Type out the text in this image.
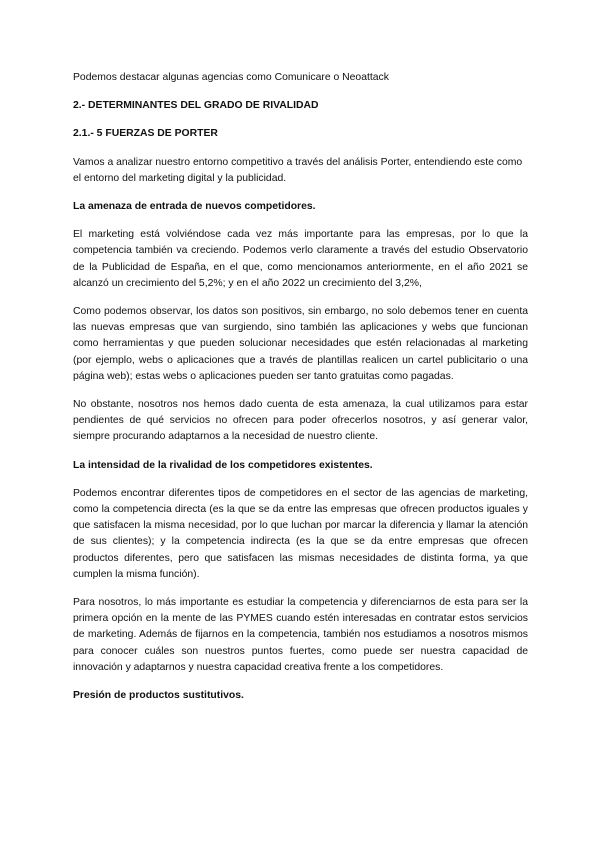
Podemos destacar algunas agencias como Comunicare o Neoattack

2.- DETERMINANTES DEL GRADO DE RIVALIDAD

2.1.- 5 FUERZAS DE PORTER

Vamos a analizar nuestro entorno competitivo a través del análisis Porter, entendiendo este como el entorno del marketing digital y la publicidad.

La amenaza de entrada de nuevos competidores.

El marketing está volviéndose cada vez más importante para las empresas, por lo que la competencia también va creciendo. Podemos verlo claramente a través del estudio Observatorio de la Publicidad de España, en el que, como mencionamos anteriormente, en el año 2021 se alcanzó un crecimiento del 5,2%; y en el año 2022 un crecimiento del 3,2%,

Como podemos observar, los datos son positivos, sin embargo, no solo debemos tener en cuenta las nuevas empresas que van surgiendo, sino también las aplicaciones y webs que funcionan como herramientas y que pueden solucionar necesidades que estén relacionadas al marketing (por ejemplo, webs o aplicaciones que a través de plantillas realicen un cartel publicitario o una página web); estas webs o aplicaciones pueden ser tanto gratuitas como pagadas.

No obstante, nosotros nos hemos dado cuenta de esta amenaza, la cual utilizamos para estar pendientes de qué servicios no ofrecen para poder ofrecerlos nosotros, y así generar valor, siempre procurando adaptarnos a la necesidad de nuestro cliente.

La intensidad de la rivalidad de los competidores existentes.

Podemos encontrar diferentes tipos de competidores en el sector de las agencias de marketing, como la competencia directa (es la que se da entre las empresas que ofrecen productos iguales y que satisfacen la misma necesidad, por lo que luchan por marcar la diferencia y llamar la atención de sus clientes); y la competencia indirecta (es la que se da entre empresas que ofrecen productos diferentes, pero que satisfacen las mismas necesidades de distinta forma, ya que cumplen la misma función).

Para nosotros, lo más importante es estudiar la competencia y diferenciarnos de esta para ser la primera opción en la mente de las PYMES cuando estén interesadas en contratar estos servicios de marketing. Además de fijarnos en la competencia, también nos estudiamos a nosotros mismos para conocer cuáles son nuestros puntos fuertes, como puede ser nuestra capacidad de innovación y adaptarnos y nuestra capacidad creativa frente a los competidores.

Presión de productos sustitutivos.
